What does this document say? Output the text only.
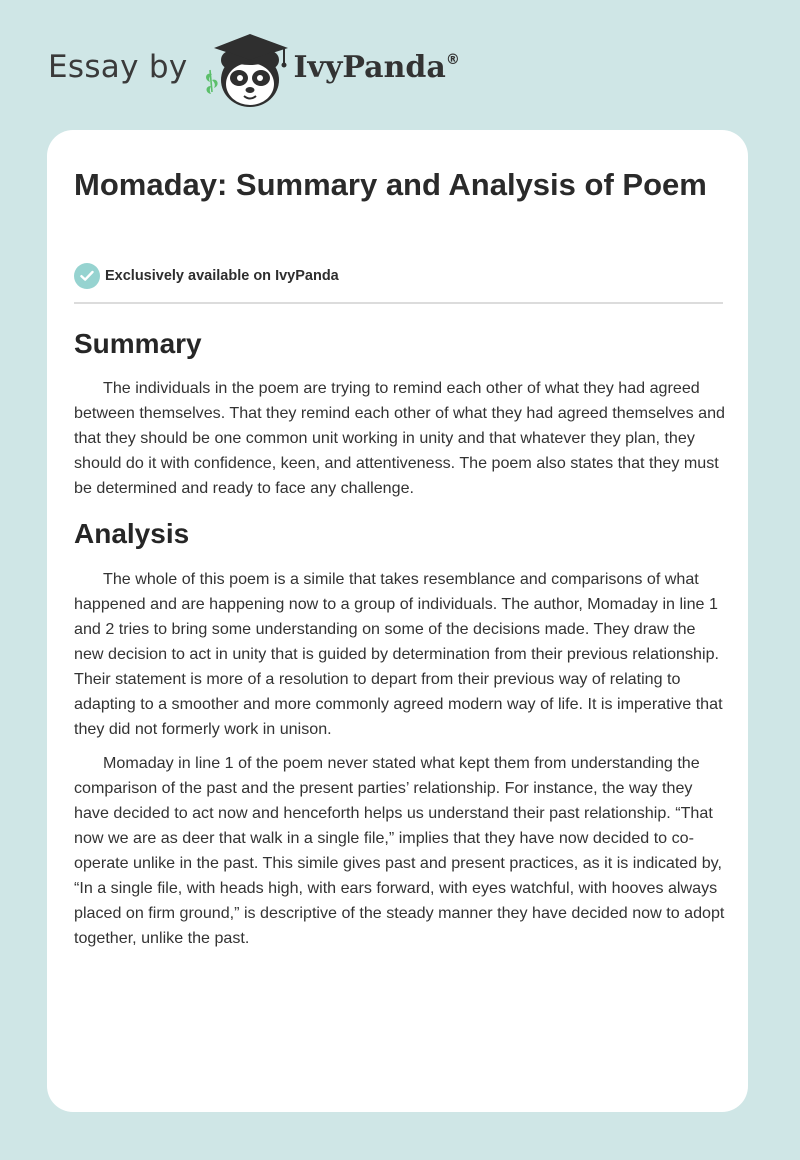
Essay by	IvyPanda®
Momaday: Summary and Analysis of Poem
Exclusively available on IvyPanda
Summary

The individuals in the poem are trying to remind each other of what they had agreed between themselves. That they remind each other of what they had agreed themselves and that they should be one common unit working in unity and that whatever they plan, they should do it with confidence, keen, and attentiveness. The poem also states that they must be determined and ready to face any challenge.

Analysis

The whole of this poem is a simile that takes resemblance and comparisons of what happened and are happening now to a group of individuals. The author, Momaday in line 1 and 2 tries to bring some understanding on some of the decisions made. They draw the new decision to act in unity that is guided by determination from their previous relationship. Their statement is more of a resolution to depart from their previous way of relating to adapting to a smoother and more commonly agreed modern way of life. It is imperative that they did not formerly work in unison.

Momaday in line 1 of the poem never stated what kept them from understanding the comparison of the past and the present parties’ relationship. For instance, the way they have decided to act now and henceforth helps us understand their past relationship. “That now we are as deer that walk in a single file,” implies that they have now decided to co-operate unlike in the past. This simile gives past and present practices, as it is indicated by, “In a single file, with heads high, with ears forward, with eyes watchful, with hooves always placed on firm ground,” is descriptive of the steady manner they have decided now to adopt together, unlike the past.
